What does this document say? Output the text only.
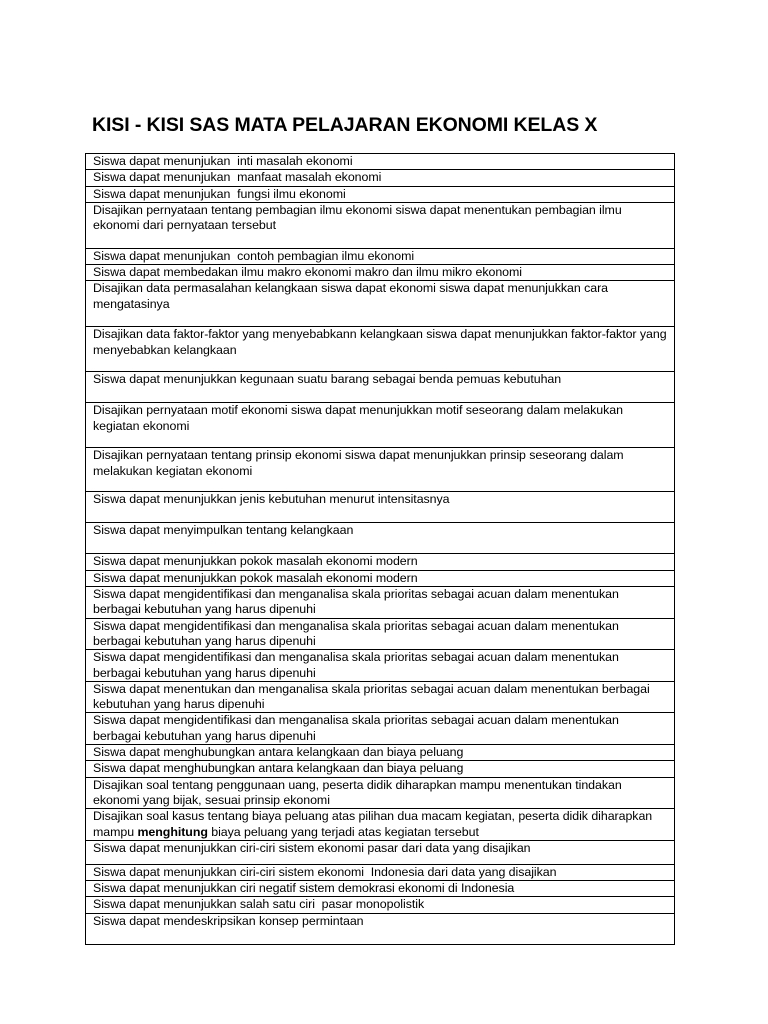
KISI - KISI SAS MATA PELAJARAN EKONOMI KELAS X
Siswa dapat menunjukan  inti masalah ekonomi
Siswa dapat menunjukan  manfaat masalah ekonomi
Siswa dapat menunjukan  fungsi ilmu ekonomi
Disajikan pernyataan tentang pembagian ilmu ekonomi siswa dapat menentukan pembagian ilmu ekonomi dari pernyataan tersebut
Siswa dapat menunjukan  contoh pembagian ilmu ekonomi
Siswa dapat membedakan ilmu makro ekonomi makro dan ilmu mikro ekonomi
Disajikan data permasalahan kelangkaan siswa dapat ekonomi siswa dapat menunjukkan cara mengatasinya
Disajikan data faktor-faktor yang menyebabkann kelangkaan siswa dapat menunjukkan faktor-faktor yang menyebabkan kelangkaan
Siswa dapat menunjukkan kegunaan suatu barang sebagai benda pemuas kebutuhan
Disajikan pernyataan motif ekonomi siswa dapat menunjukkan motif seseorang dalam melakukan kegiatan ekonomi
Disajikan pernyataan tentang prinsip ekonomi siswa dapat menunjukkan prinsip seseorang dalam melakukan kegiatan ekonomi
Siswa dapat menunjukkan jenis kebutuhan menurut intensitasnya
Siswa dapat menyimpulkan tentang kelangkaan
Siswa dapat menunjukkan pokok masalah ekonomi modern
Siswa dapat menunjukkan pokok masalah ekonomi modern
Siswa dapat mengidentifikasi dan menganalisa skala prioritas sebagai acuan dalam menentukan berbagai kebutuhan yang harus dipenuhi
Siswa dapat mengidentifikasi dan menganalisa skala prioritas sebagai acuan dalam menentukan berbagai kebutuhan yang harus dipenuhi
Siswa dapat mengidentifikasi dan menganalisa skala prioritas sebagai acuan dalam menentukan berbagai kebutuhan yang harus dipenuhi
Siswa dapat menentukan dan menganalisa skala prioritas sebagai acuan dalam menentukan berbagai kebutuhan yang harus dipenuhi
Siswa dapat mengidentifikasi dan menganalisa skala prioritas sebagai acuan dalam menentukan berbagai kebutuhan yang harus dipenuhi
Siswa dapat menghubungkan antara kelangkaan dan biaya peluang
Siswa dapat menghubungkan antara kelangkaan dan biaya peluang
Disajikan soal tentang penggunaan uang, peserta didik diharapkan mampu menentukan tindakan ekonomi yang bijak, sesuai prinsip ekonomi
Disajikan soal kasus tentang biaya peluang atas pilihan dua macam kegiatan, peserta didik diharapkan mampu menghitung biaya peluang yang terjadi atas kegiatan tersebut
Siswa dapat menunjukkan ciri-ciri sistem ekonomi pasar dari data yang disajikan
Siswa dapat menunjukkan ciri-ciri sistem ekonomi  Indonesia dari data yang disajikan
Siswa dapat menunjukkan ciri negatif sistem demokrasi ekonomi di Indonesia
Siswa dapat menunjukkan salah satu ciri  pasar monopolistik
Siswa dapat mendeskripsikan konsep permintaan
